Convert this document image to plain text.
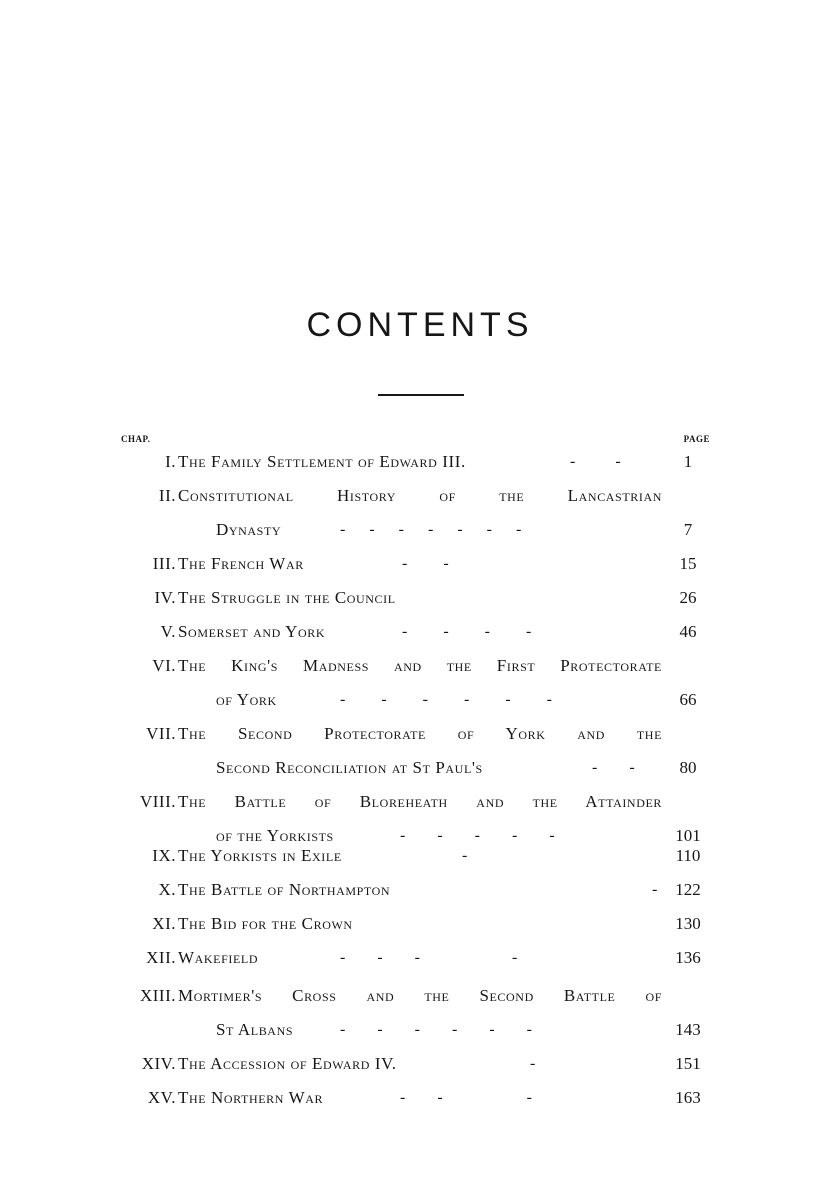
CONTENTS
CHAP.	PAGE
I. The Family Settlement of Edward III.	-          -	1
II. Constitutional History of the Lancastrian
Dynasty	-      -      -      -      -      -      -	7
III. The French War	-         -	15
IV. The Struggle in the Council	26
V. Somerset and York	-         -         -         -	46
VI. The King's Madness and the First Protectorate
of York	-         -         -         -         -         -	66
VII. The Second Protectorate of York and the
Second Reconciliation at St Paul's	-        -	80
VIII. The Battle of Bloreheath and the Attainder
of the Yorkists	-        -        -        -        -	101
IX. The Yorkists in Exile	-	110
X. The Battle of Northampton	-	122
XI. The Bid for the Crown	130
XII. Wakefield	-        -        -                       -	136
XIII. Mortimer's Cross and the Second Battle of
St Albans	-        -        -        -        -        -	143
XIV. The Accession of Edward IV.	-	151
XV. The Northern War	-        -                     -	163
